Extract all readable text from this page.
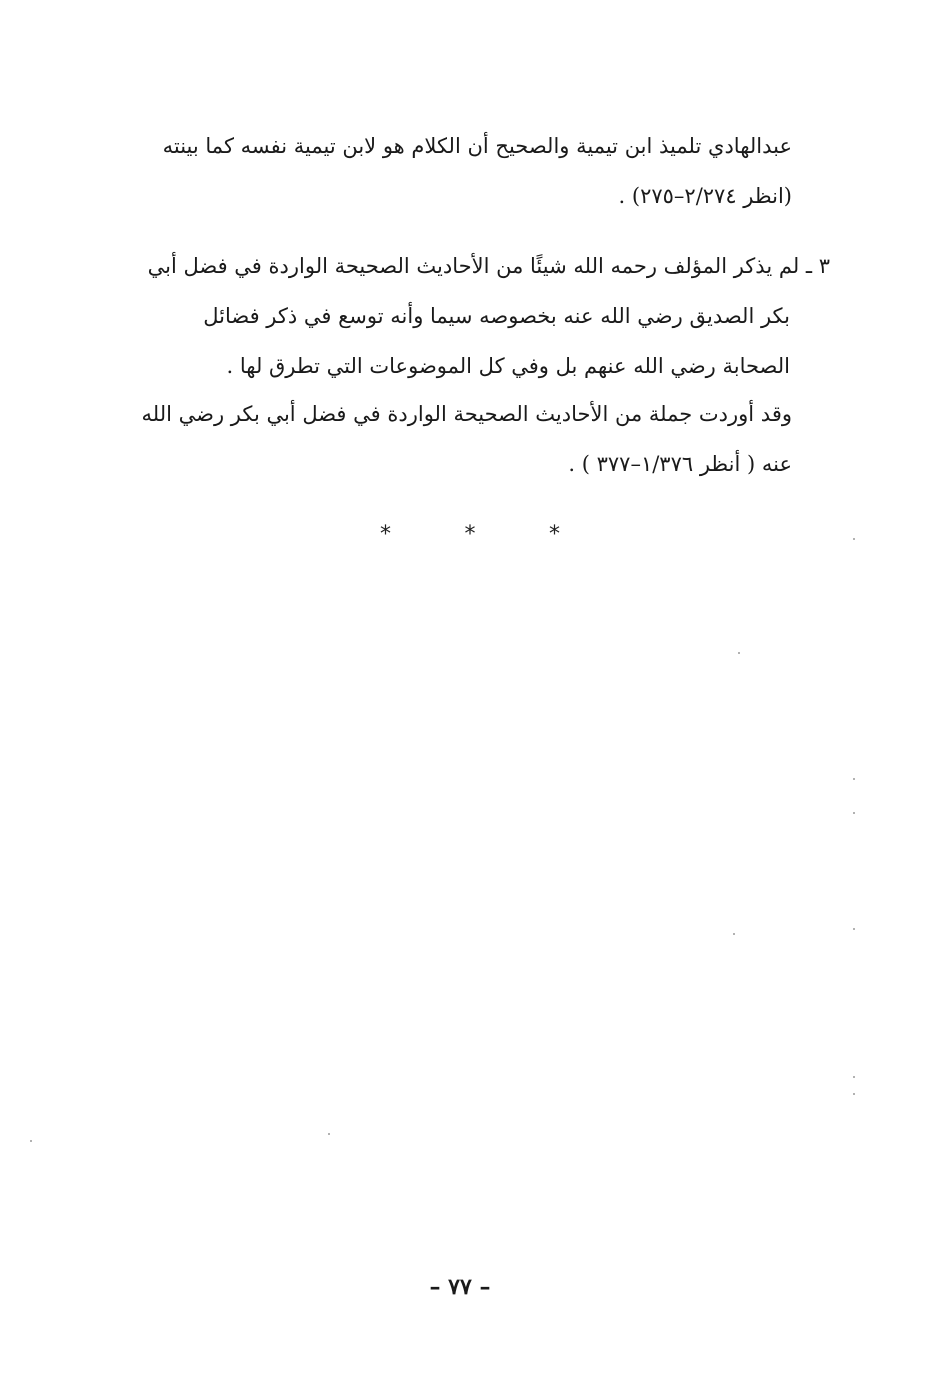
عبدالهادي تلميذ ابن تيمية والصحيح أن الكلام هو لابن تيمية نفسه كما بينته
(انظر ٢/٢٧٤–٢٧٥) .
٣ ـ لم يذكر المؤلف رحمه الله شيئًا من الأحاديث الصحيحة الواردة في فضل أبي
بكر الصديق رضي الله عنه بخصوصه سيما وأنه توسع في ذكر فضائل
الصحابة رضي الله عنهم بل وفي كل الموضوعات التي تطرق لها .
وقد أوردت جملة من الأحاديث الصحيحة الواردة في فضل أبي بكر رضي الله
عنه ( أنظر ١/٣٧٦–٣٧٧ ) .
*	*	*
– ٧٧ –
